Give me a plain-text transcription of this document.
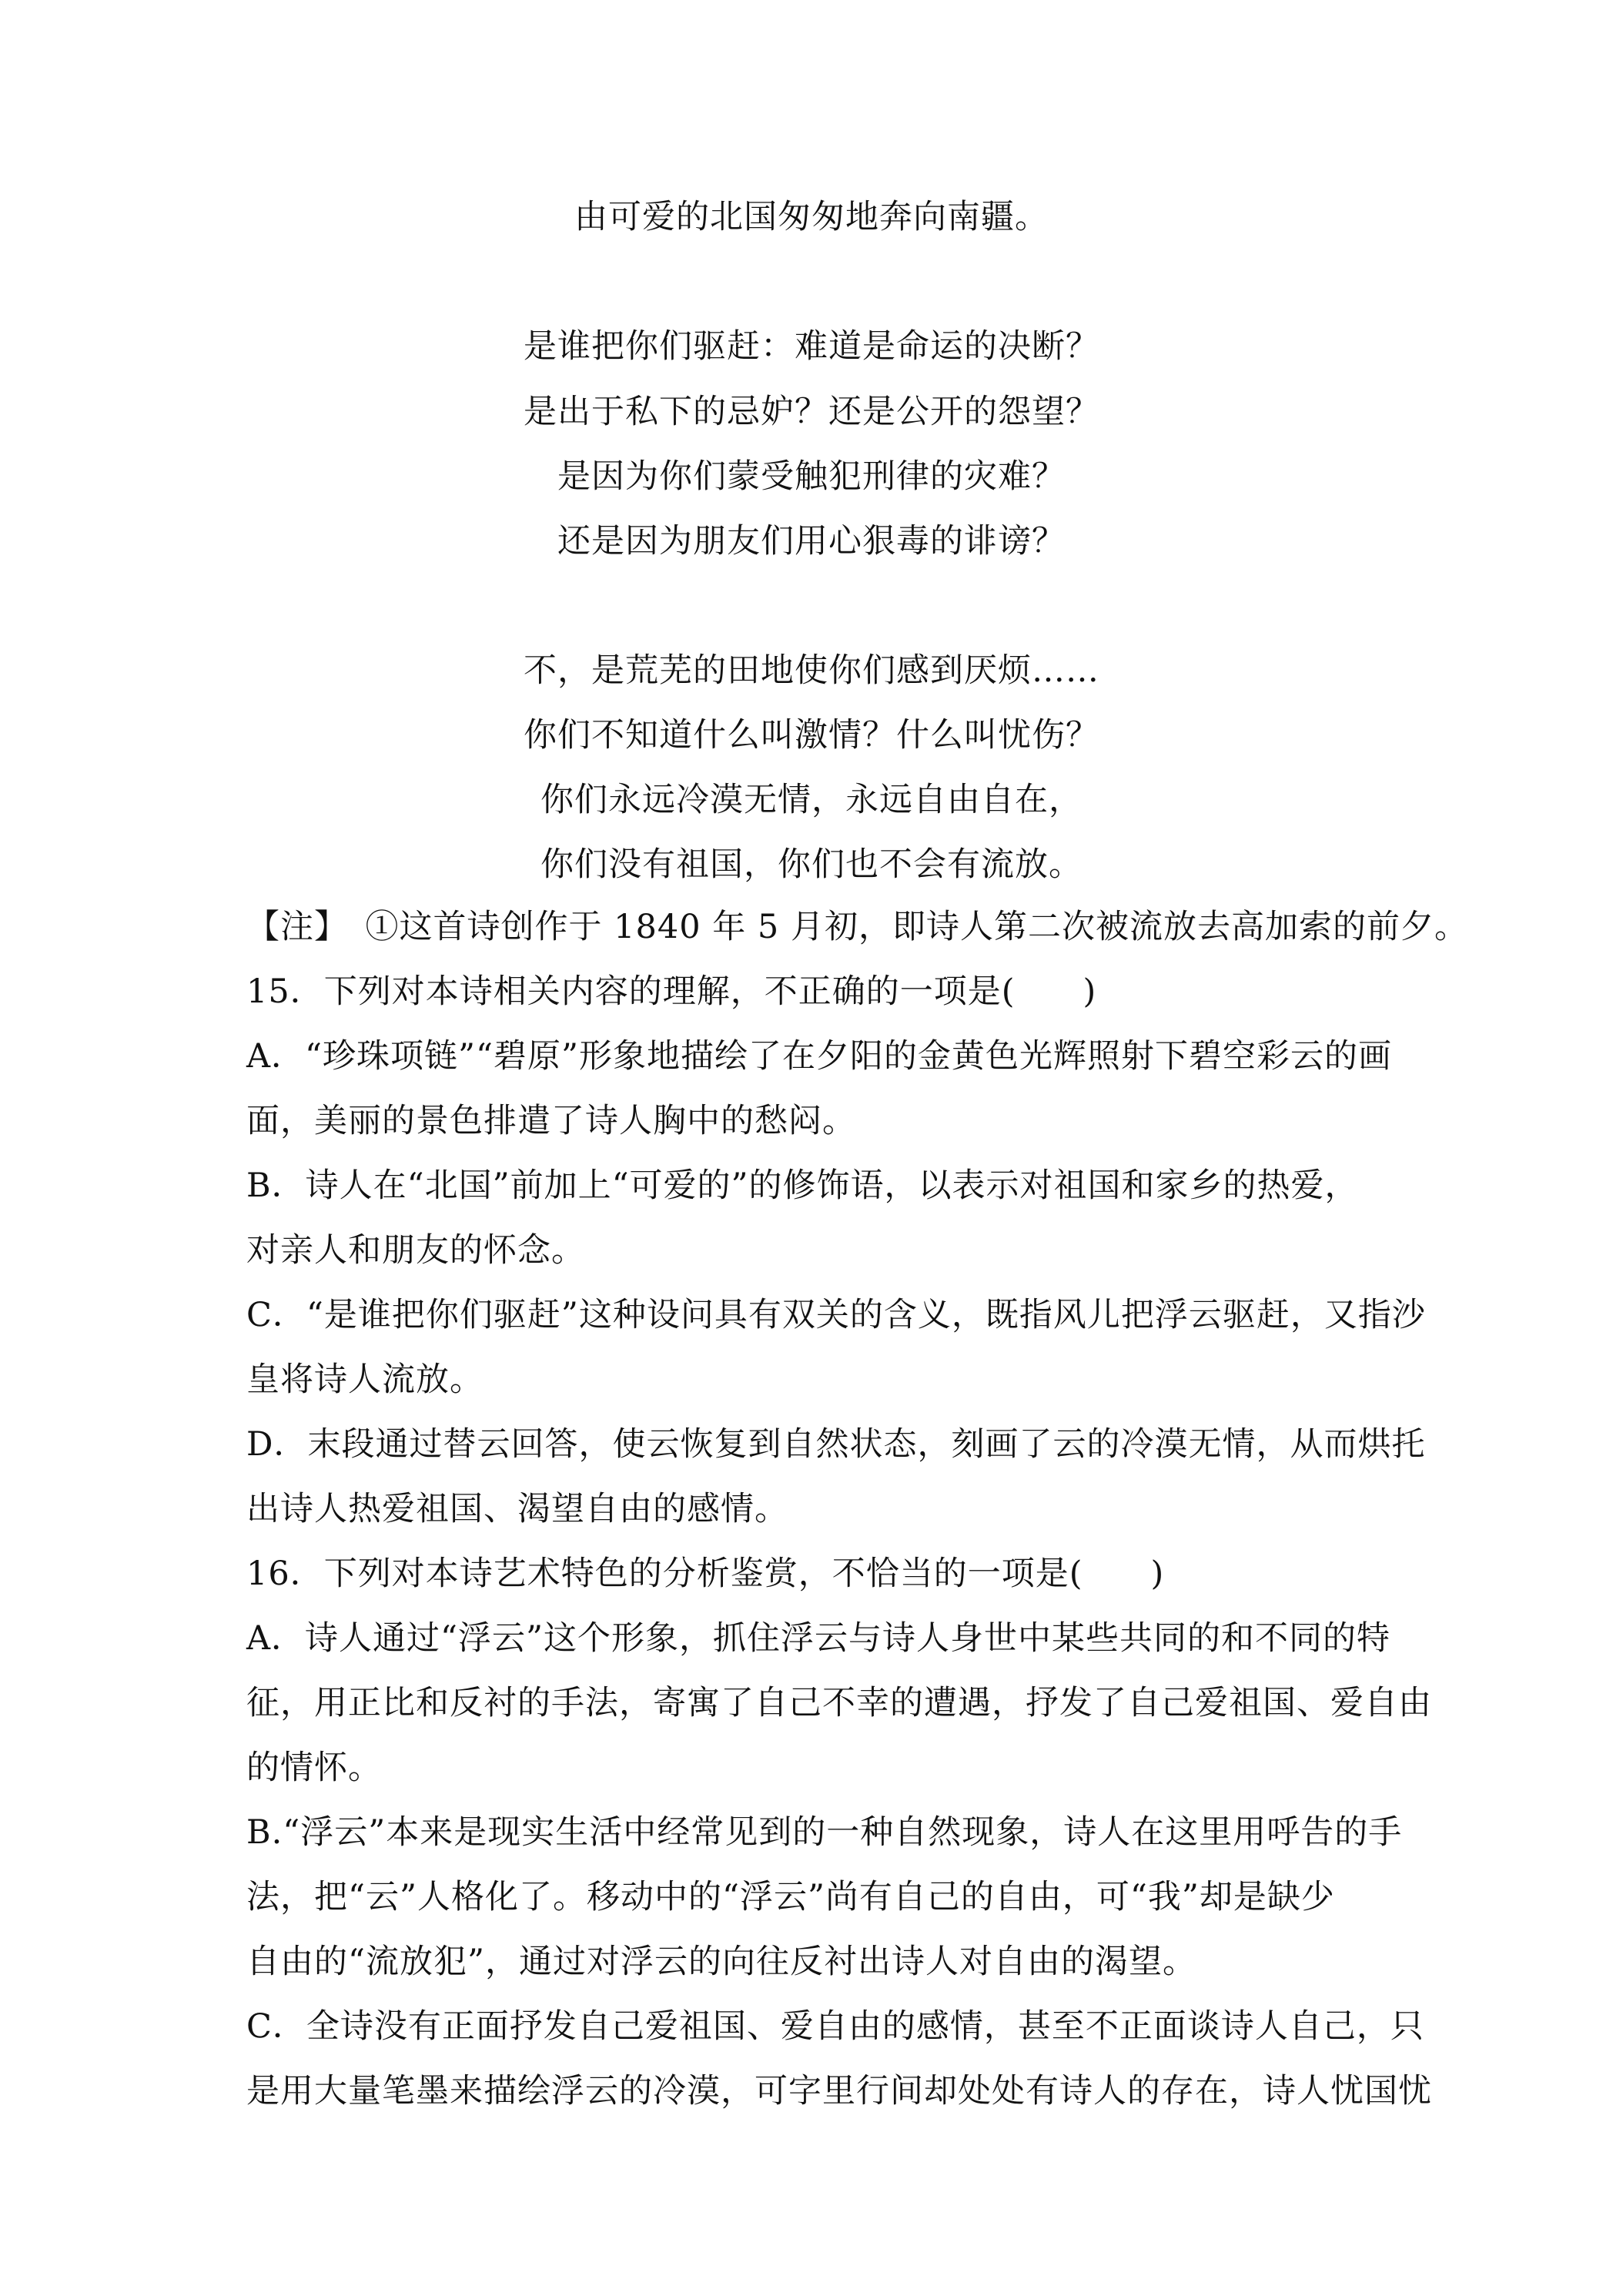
由可爱的北国匆匆地奔向南疆。
是谁把你们驱赶：难道是命运的决断？
是出于私下的忌妒？还是公开的怨望？
是因为你们蒙受触犯刑律的灾难？
还是因为朋友们用心狠毒的诽谤？
不，是荒芜的田地使你们感到厌烦……
你们不知道什么叫激情？什么叫忧伤？
你们永远冷漠无情，永远自由自在，
你们没有祖国，你们也不会有流放。
【注】　①这首诗创作于 1840 年 5 月初，即诗人第二次被流放去高加索的前夕。
15．下列对本诗相关内容的理解，不正确的一项是(　　)
A．“珍珠项链”“碧原”形象地描绘了在夕阳的金黄色光辉照射下碧空彩云的画
面，美丽的景色排遣了诗人胸中的愁闷。
B．诗人在“北国”前加上“可爱的”的修饰语，以表示对祖国和家乡的热爱，
对亲人和朋友的怀念。
C．“是谁把你们驱赶”这种设问具有双关的含义，既指风儿把浮云驱赶，又指沙
皇将诗人流放。
D．末段通过替云回答，使云恢复到自然状态，刻画了云的冷漠无情，从而烘托
出诗人热爱祖国、渴望自由的感情。
16．下列对本诗艺术特色的分析鉴赏，不恰当的一项是(　　)
A．诗人通过“浮云”这个形象，抓住浮云与诗人身世中某些共同的和不同的特
征，用正比和反衬的手法，寄寓了自己不幸的遭遇，抒发了自己爱祖国、爱自由
的情怀。
B.“浮云”本来是现实生活中经常见到的一种自然现象，诗人在这里用呼告的手
法，把“云”人格化了。移动中的“浮云”尚有自己的自由，可“我”却是缺少
自由的“流放犯”，通过对浮云的向往反衬出诗人对自由的渴望。
C．全诗没有正面抒发自己爱祖国、爱自由的感情，甚至不正面谈诗人自己，只
是用大量笔墨来描绘浮云的冷漠，可字里行间却处处有诗人的存在，诗人忧国忧
